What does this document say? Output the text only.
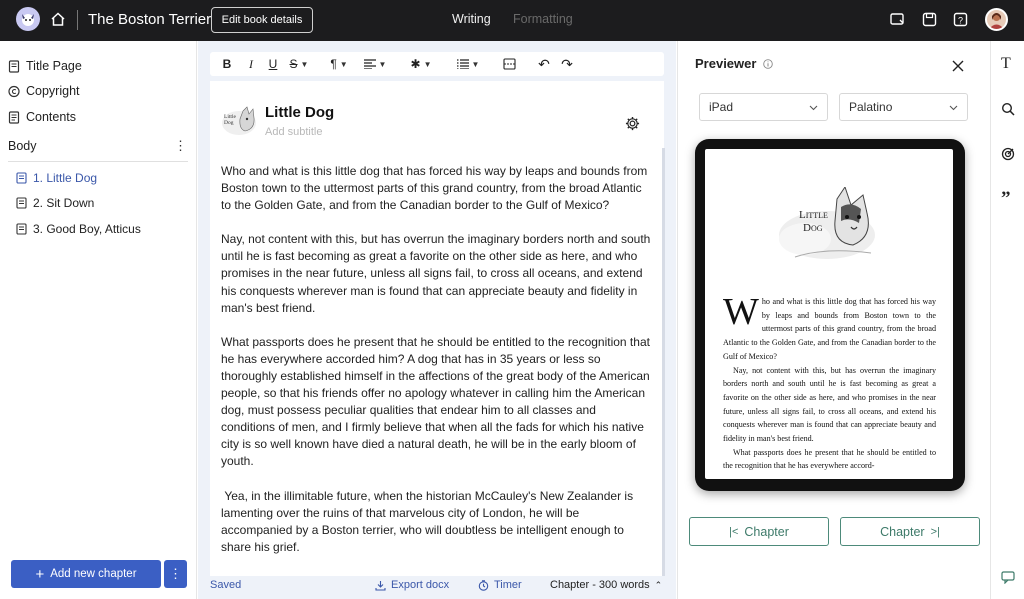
The Boston Terrier Edit book details	Writing Formatting	?
Title Page
Copyright
Contents
Body	⋮
1. Little Dog
2. Sit Down
3. Good Boy, Atticus
+ Add new chapter	⋮
B	I	U S ▼	¶ ▼	▼	✱ ▼	▼	↶ ↷
Little Dog
Little Dog
Add subtitle

Who and what is this little dog that has forced his way by leaps and bounds from Boston town to the uttermost parts of this grand country, from the broad Atlantic to the Golden Gate, and from the Canadian border to the Gulf of Mexico?

Nay, not content with this, but has overrun the imaginary borders north and south until he is fast becoming as great a favorite on the other side as here, and who promises in the near future, unless all signs fail, to cross all oceans, and extend his conquests wherever man is found that can appreciate beauty and fidelity in man's best friend.

What passports does he present that he should be entitled to the recognition that he has everywhere accorded him? A dog that has in 35 years or less so thoroughly established himself in the affections of the great body of the American people, so that his friends offer no apology whatever in calling him the American dog, must possess peculiar qualities that endear him to all classes and conditions of men, and I firmly believe that when all the fads for which his native city is so well known have died a natural death, he will be in the early bloom of youth.

Yea, in the illimitable future, when the historian McCauley's New Zealander is lamenting over the ruins of that marvelous city of London, he will be accompanied by a Boston terrier, who will doubtless be intelligent enough to share his grief.

Saved	Export docx	Timer	Chapter - 300 words ⌃
Previewer
iPad	Palatino
Little
Dog

Who and what is this little dog that has forced his way by leaps and bounds from Boston town to the uttermost parts of this grand country, from the broad Atlantic to the Golden Gate, and from the Canadian border to the Gulf of Mexico?

Nay, not content with this, but has overrun the imaginary borders north and south until he is fast becoming as great a favorite on the other side as here, and who promises in the near future, unless all signs fail, to cross all oceans, and extend his conquests wherever man is found that can appreciate beauty and fidelity in man's best friend.

What passports does he present that he should be entitled to the recognition that he has everywhere accord-

|< Chapter	Chapter >|
T
”
